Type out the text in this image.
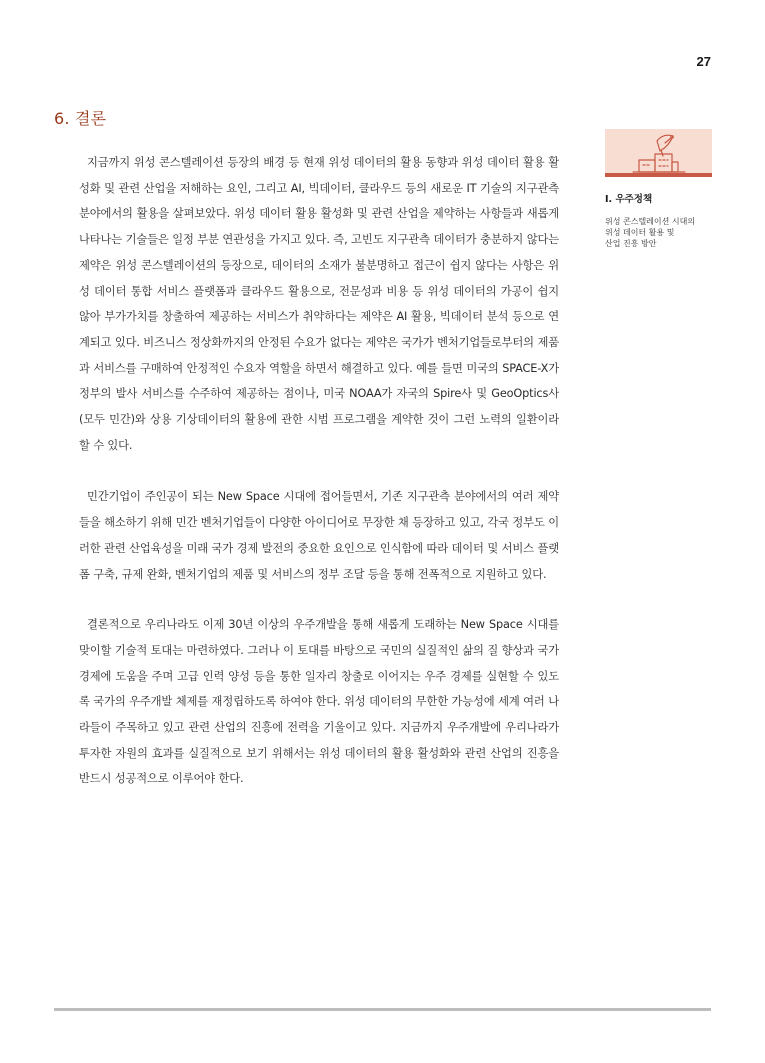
27
6. 결론

지금까지 위성 콘스텔레이션 등장의 배경 등 현재 위성 데이터의 활용 동향과 위성 데이터 활용 활성화 및 관련 산업을 저해하는 요인, 그리고 AI, 빅데이터, 클라우드 등의 새로운 IT 기술의 지구관측 분야에서의 활용을 살펴보았다. 위성 데이터 활용 활성화 및 관련 산업을 제약하는 사항들과 새롭게 나타나는 기술들은 일정 부분 연관성을 가지고 있다. 즉, 고빈도 지구관측 데이터가 충분하지 않다는 제약은 위성 콘스텔레이션의 등장으로, 데이터의 소재가 불분명하고 접근이 쉽지 않다는 사항은 위성 데이터 통합 서비스 플랫폼과 클라우드 활용으로, 전문성과 비용 등 위성 데이터의 가공이 쉽지 않아 부가가치를 창출하여 제공하는 서비스가 취약하다는 제약은 AI 활용, 빅데이터 분석 등으로 연계되고 있다. 비즈니스 정상화까지의 안정된 수요가 없다는 제약은 국가가 벤처기업들로부터의 제품과 서비스를 구매하여 안정적인 수요자 역할을 하면서 해결하고 있다. 예를 들면 미국의 SPACE-X가 정부의 발사 서비스를 수주하여 제공하는 점이나, 미국 NOAA가 자국의 Spire사 및 GeoOptics사(모두 민간)와 상용 기상데이터의 활용에 관한 시범 프로그램을 계약한 것이 그런 노력의 일환이라 할 수 있다.

민간기업이 주인공이 되는 New Space 시대에 접어들면서, 기존 지구관측 분야에서의 여러 제약들을 해소하기 위해 민간 벤처기업들이 다양한 아이디어로 무장한 채 등장하고 있고, 각국 정부도 이러한 관련 산업육성을 미래 국가 경제 발전의 중요한 요인으로 인식함에 따라 데이터 및 서비스 플랫폼 구축, 규제 완화, 벤처기업의 제품 및 서비스의 정부 조달 등을 통해 전폭적으로 지원하고 있다.

결론적으로 우리나라도 이제 30년 이상의 우주개발을 통해 새롭게 도래하는 New Space 시대를 맞이할 기술적 토대는 마련하였다. 그러나 이 토대를 바탕으로 국민의 실질적인 삶의 질 향상과 국가 경제에 도움을 주며 고급 인력 양성 등을 통한 일자리 창출로 이어지는 우주 경제를 실현할 수 있도록 국가의 우주개발 체제를 재정립하도록 하여야 한다. 위성 데이터의 무한한 가능성에 세계 여러 나라들이 주목하고 있고 관련 산업의 진흥에 전력을 기울이고 있다. 지금까지 우주개발에 우리나라가 투자한 자원의 효과를 실질적으로 보기 위해서는 위성 데이터의 활용 활성화와 관련 산업의 진흥을 반드시 성공적으로 이루어야 한다.

I. 우주정책
위성 콘스텔레이션 시대의
위성 데이터 활용 및
산업 진흥 방안
